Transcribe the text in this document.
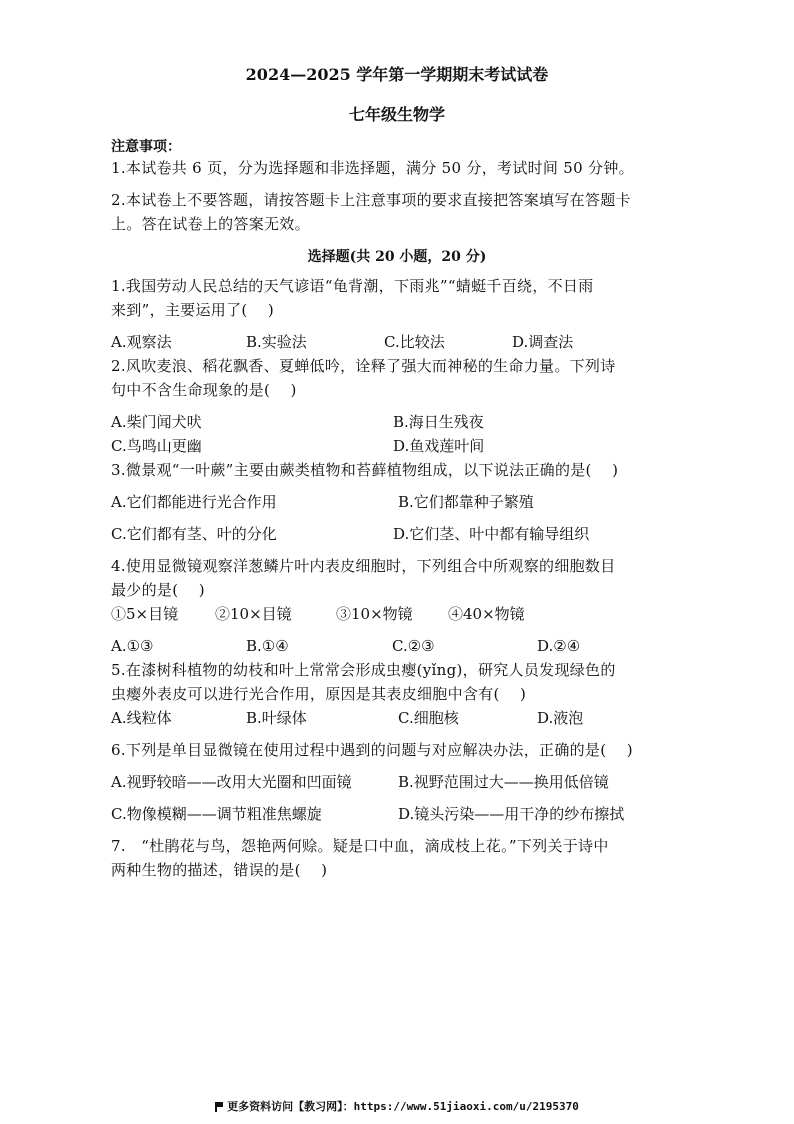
2024—2025 学年第一学期期末考试试卷
七年级生物学
注意事项：
1.本试卷共 6 页，分为选择题和非选择题，满分 50 分，考试时间 50 分钟。
2.本试卷上不要答题，请按答题卡上注意事项的要求直接把答案填写在答题卡
上。答在试卷上的答案无效。
选择题(共 20 小题，20 分)
1.我国劳动人民总结的天气谚语“龟背潮，下雨兆”“蜻蜓千百绕，不日雨
来到”，主要运用了(　 )
A.观察法	B.实验法	C.比较法	D.调查法
2.风吹麦浪、稻花飘香、夏蝉低吟，诠释了强大而神秘的生命力量。下列诗
句中不含生命现象的是(　 )
A.柴门闻犬吠	B.海日生残夜
C.鸟鸣山更幽	D.鱼戏莲叶间
3.微景观“一叶蕨”主要由蕨类植物和苔藓植物组成，以下说法正确的是(　 )
A.它们都能进行光合作用	B.它们都靠种子繁殖
C.它们都有茎、叶的分化	D.它们茎、叶中都有输导组织
4.使用显微镜观察洋葱鳞片叶内表皮细胞时，下列组合中所观察的细胞数目
最少的是(　 )
①5×目镜 ②10×目镜	③10×物镜 ④40×物镜
A.①③	B.①④	C.②③	D.②④
5.在漆树科植物的幼枝和叶上常常会形成虫瘿(yǐng)，研究人员发现绿色的
虫瘿外表皮可以进行光合作用，原因是其表皮细胞中含有(　 )
A.线粒体	B.叶绿体	C.细胞核	D.液泡
6.下列是单目显微镜在使用过程中遇到的问题与对应解决办法，正确的是(　 )
A.视野较暗——改用大光圈和凹面镜	B.视野范围过大——换用低倍镜
C.物像模糊——调节粗准焦螺旋	D.镜头污染——用干净的纱布擦拭
7.　“杜鹃花与鸟，怨艳两何赊。疑是口中血，滴成枝上花。”下列关于诗中
两种生物的描述，错误的是(　 )
更多资料访问【教习网】：https://www.51jiaoxi.com/u/2195370
